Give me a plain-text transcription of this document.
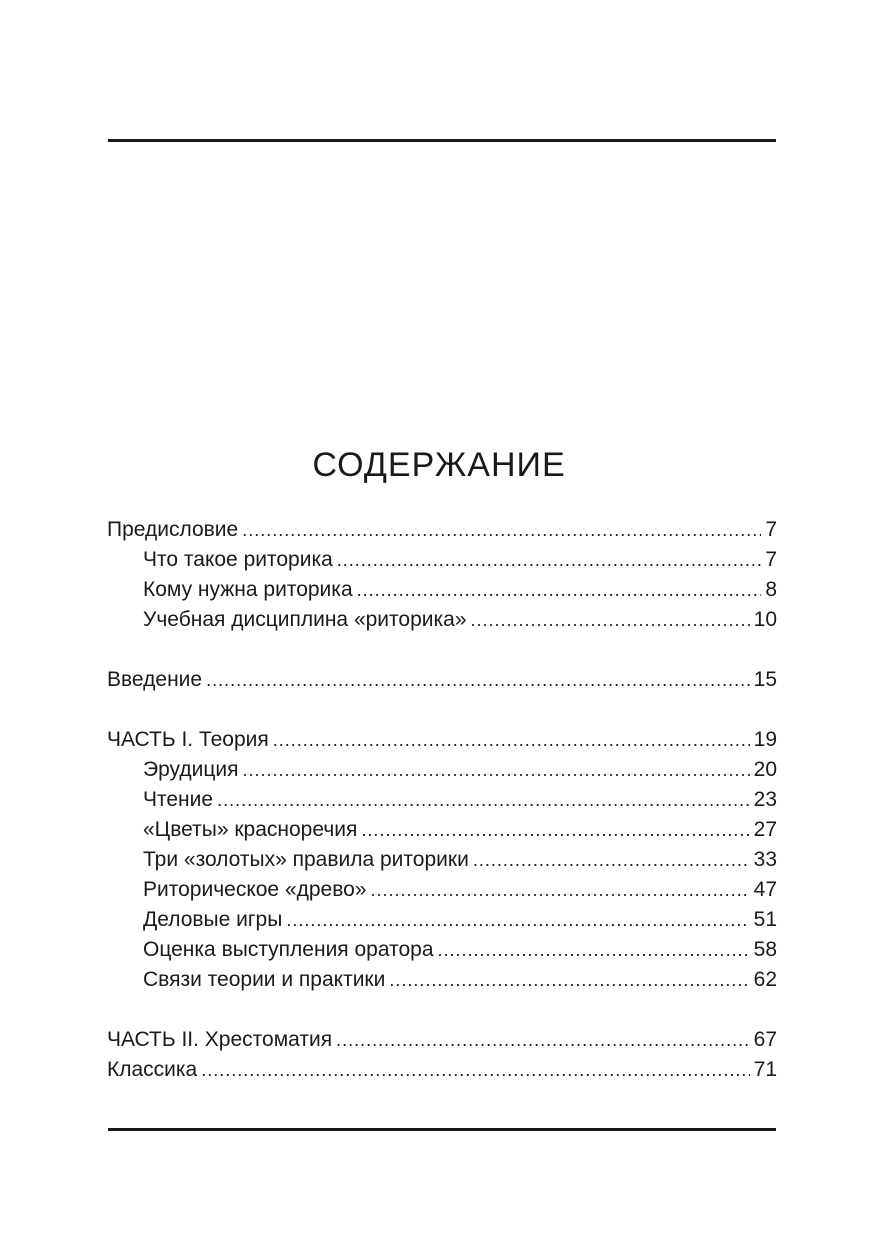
СОДЕРЖАНИЕ
Предисловие .....	7
Что такое риторика .....	7
Кому нужна риторика .....	8
Учебная дисциплина «риторика» .....	10
Введение .....	15
ЧАСТЬ I. Теория .....	19
Эрудиция .....	20
Чтение .....	23
«Цветы» красноречия .....	27
Три «золотых» правила риторики .....	33
Риторическое «древо» .....	47
Деловые игры .....	51
Оценка выступления оратора .....	58
Связи теории и практики .....	62
ЧАСТЬ II. Хрестоматия .....	67
Классика .....	71
